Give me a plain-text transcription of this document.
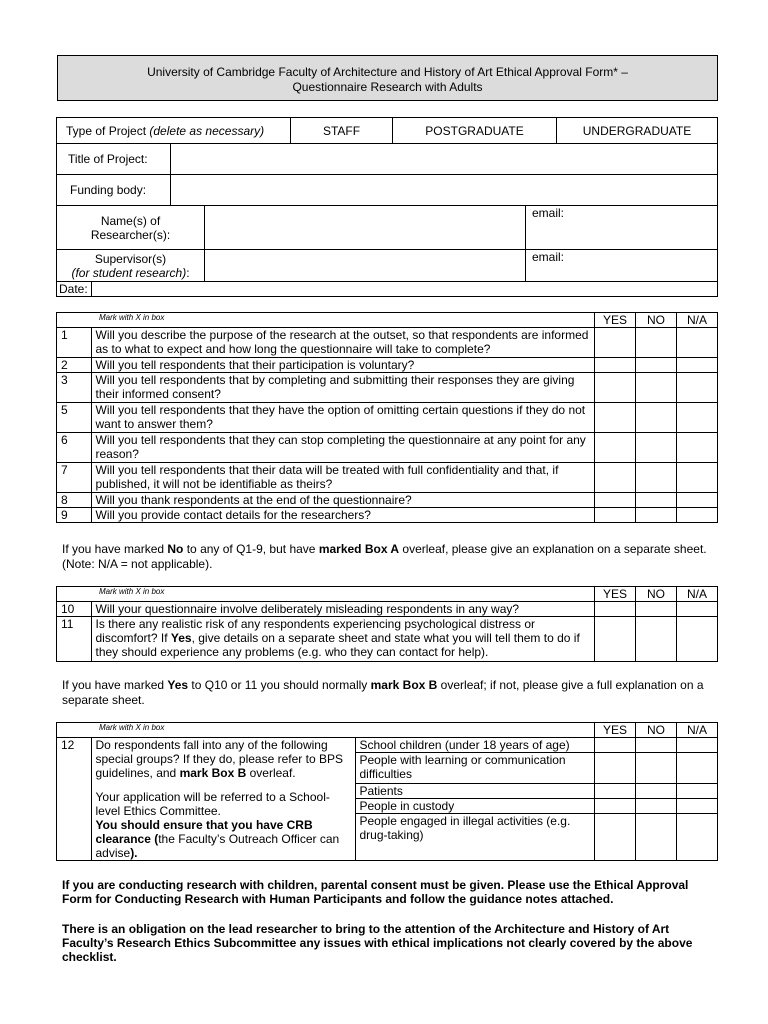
University of Cambridge Faculty of Architecture and History of Art Ethical Approval Form* –
Questionnaire Research with Adults
Type of Project (delete as necessary)	STAFF	POSTGRADUATE	UNDERGRADUATE
Title of Project:	
Funding body:	
Name(s) of
Researcher(s):		email:

Supervisor(s)
(for student research):		email:
Date:	
	Mark with X in box	YES	NO	N/A
1	Will you describe the purpose of the research at the outset, so that respondents are informed as to what to expect and how long the questionnaire will take to complete?			
2	Will you tell respondents that their participation is voluntary?			
3	Will you tell respondents that by completing and submitting their responses they are giving their informed consent?			
5	Will you tell respondents that they have the option of omitting certain questions if they do not want to answer them?			
6	Will you tell respondents that they can stop completing the questionnaire at any point for any reason?			
7	Will you tell respondents that their data will be treated with full confidentiality and that, if published, it will not be identifiable as theirs?			
8	Will you thank respondents at the end of the questionnaire?			
9	Will you provide contact details for the researchers?			
If you have marked No to any of Q1-9, but have marked Box A overleaf, please give an explanation on a separate sheet. (Note: N/A = not applicable).
	Mark with X in box	YES	NO	N/A
10	Will your questionnaire involve deliberately misleading respondents in any way?			
11	Is there any realistic risk of any respondents experiencing psychological distress or discomfort? If Yes, give details on a separate sheet and state what you will tell them to do if they should experience any problems (e.g. who they can contact for help).			
If you have marked Yes to Q10 or 11 you should normally mark Box B overleaf; if not, please give a full explanation on a separate sheet.
	Mark with X in box		YES	NO	N/A
12	Do respondents fall into any of the following special groups? If they do, please refer to BPS guidelines, and mark Box B overleaf.
Your application will be referred to a School-level Ethics Committee.
You should ensure that you have CRB clearance (the Faculty’s Outreach Officer can advise).	School children (under 18 years of age)			
		People with learning or communication difficulties			
		Patients			
		People in custody			
		People engaged in illegal activities (e.g. drug-taking)			
If you are conducting research with children, parental consent must be given. Please use the Ethical Approval Form for Conducting Research with Human Participants and follow the guidance notes attached.
There is an obligation on the lead researcher to bring to the attention of the Architecture and History of Art Faculty’s Research Ethics Subcommittee any issues with ethical implications not clearly covered by the above checklist.
